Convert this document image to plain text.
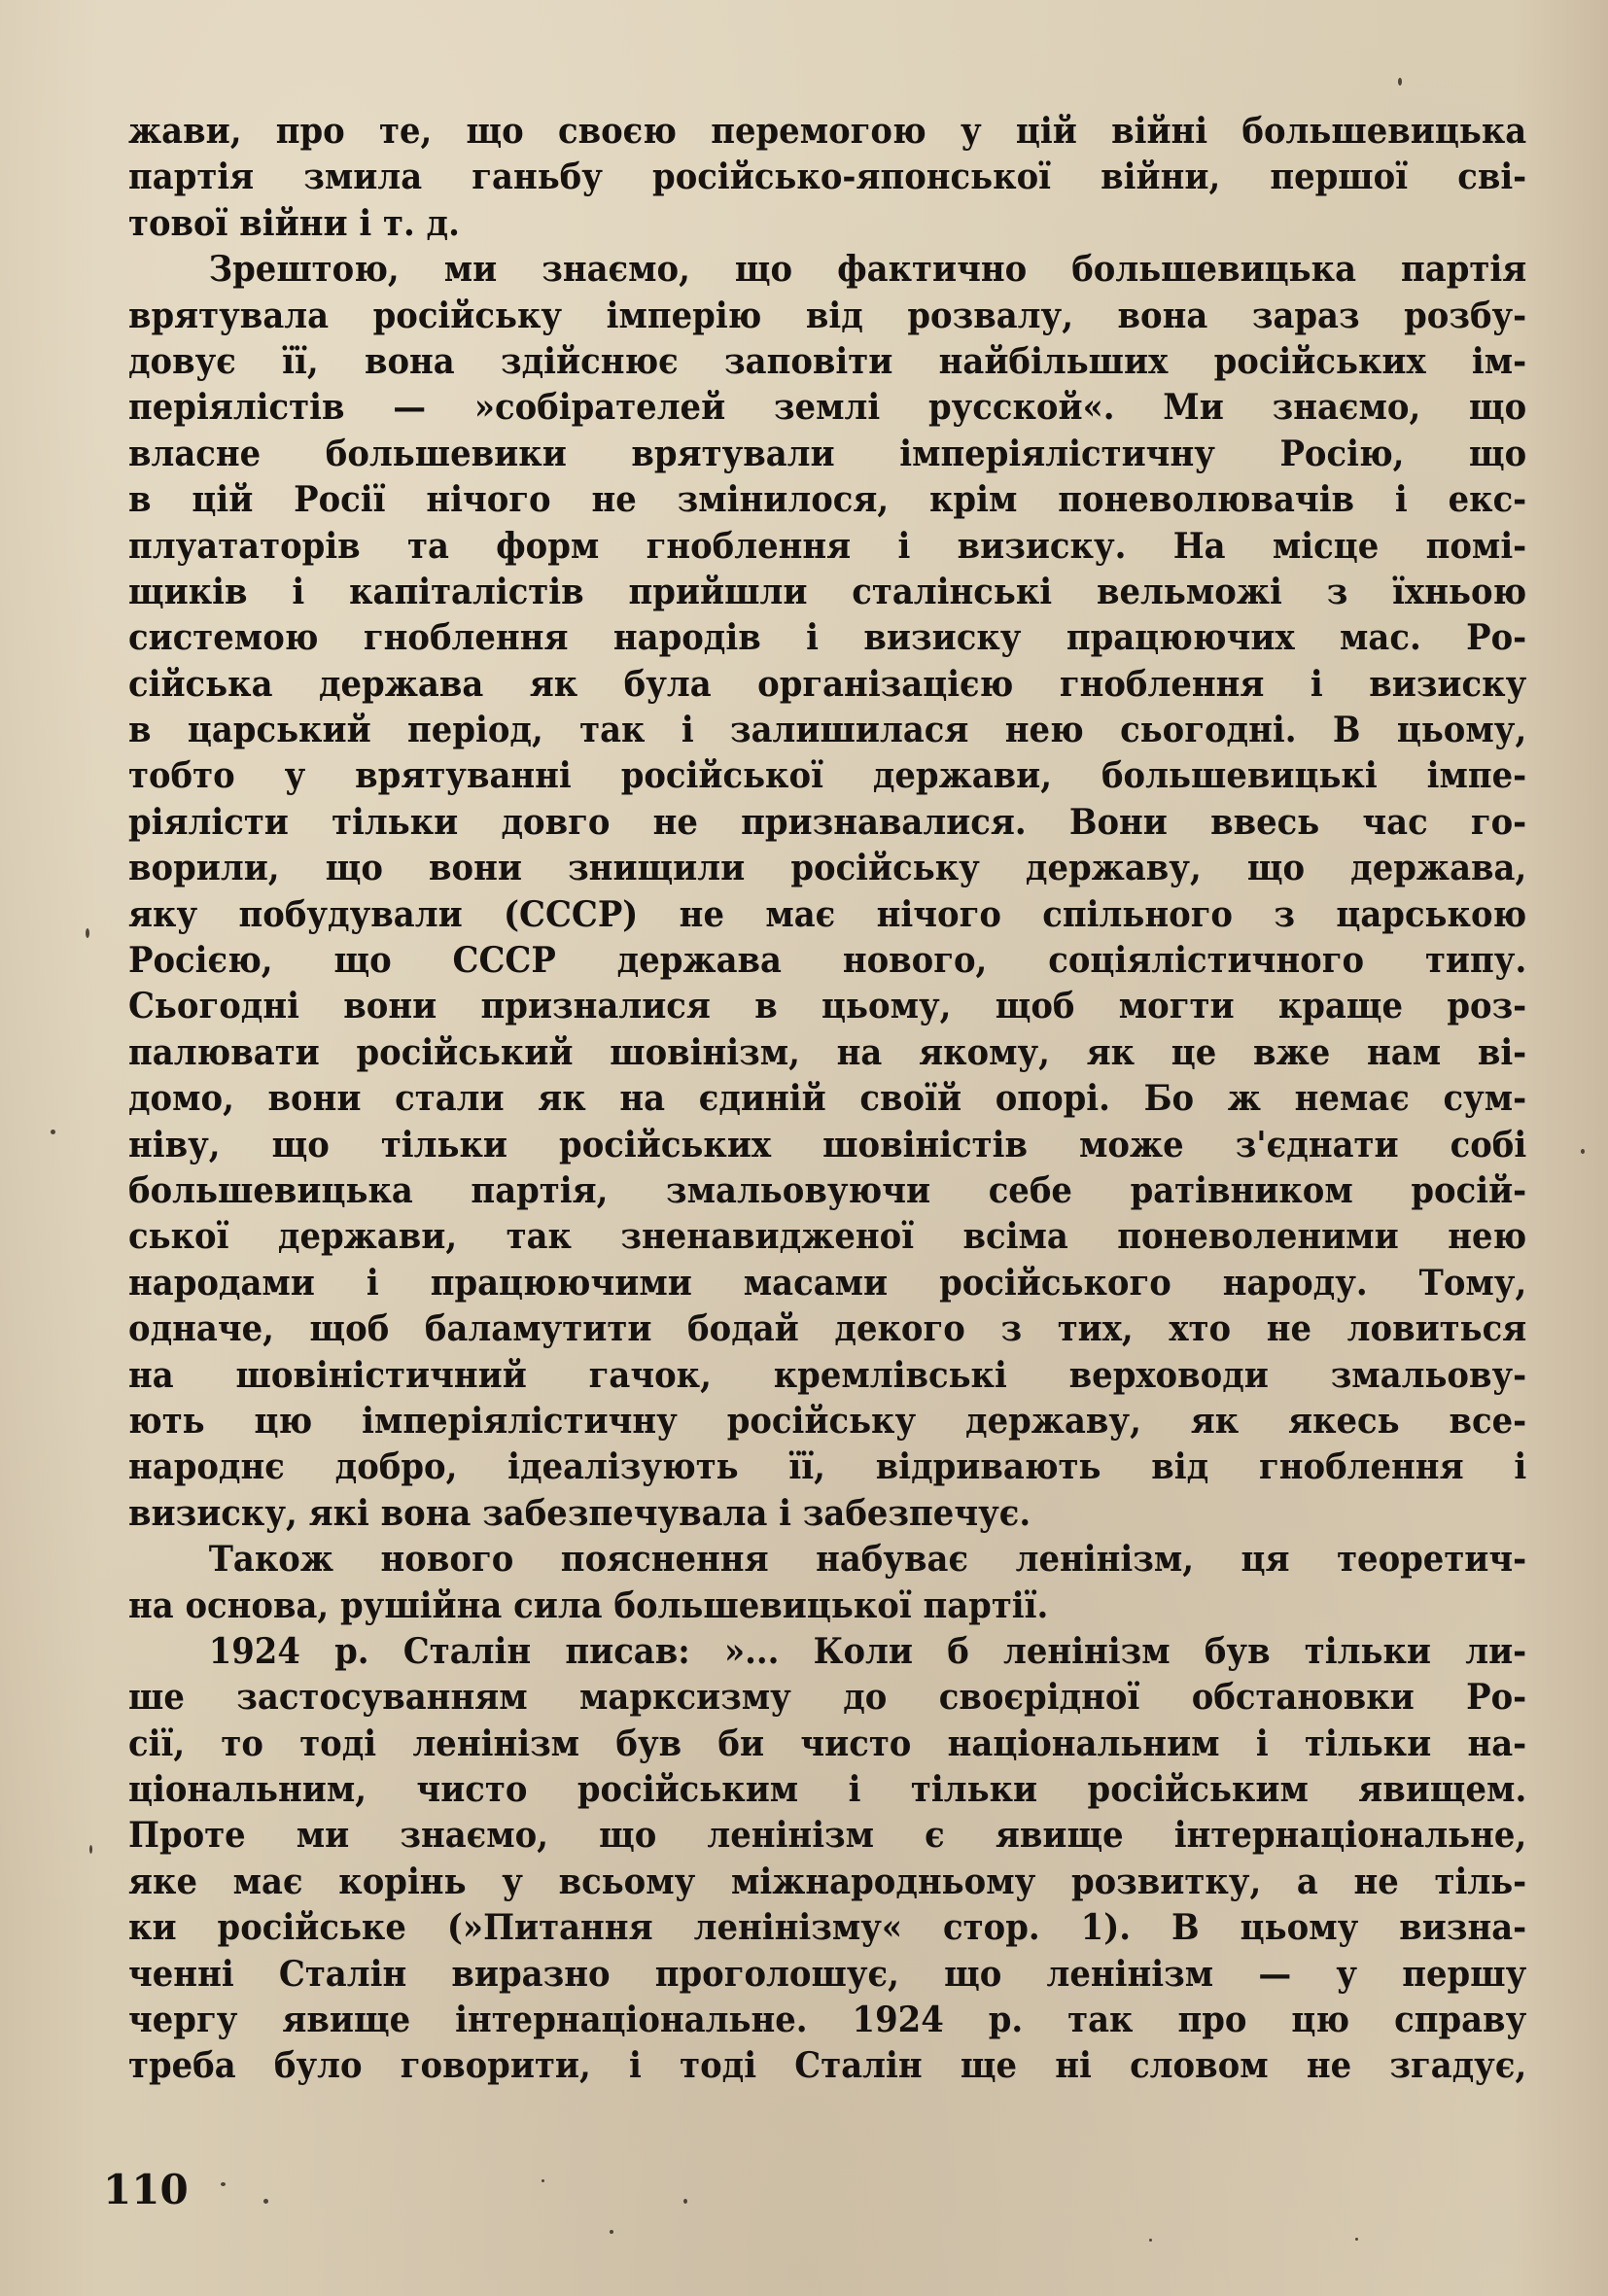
жави, про те, що своєю перемогою у цій війні большевицька
партія змила ганьбу російсько-японської війни, першої сві-
тової війни і т. д.
Зрештою, ми знаємо, що фактично большевицька партія
врятувала російську імперію від розвалу, вона зараз розбу-
довує її, вона здійснює заповіти найбільших російських ім-
періялістів — »собірателей землі русской«. Ми знаємо, що
власне большевики врятували імперіялістичну Росію, що
в цій Росії нічого не змінилося, крім поневолювачів і екс-
плуататорів та форм гноблення і визиску. На місце помі-
щиків і капіталістів прийшли сталінські вельможі з їхньою
системою гноблення народів і визиску працюючих мас. Ро-
сійська держава як була організацією гноблення і визиску
в царський період, так і залишилася нею сьогодні. В цьому,
тобто у врятуванні російської держави, большевицькі імпе-
ріялісти тільки довго не признавалися. Вони ввесь час го-
ворили, що вони знищили російську державу, що держава,
яку побудували (СССР) не має нічого спільного з царською
Росією, що СССР держава нового, соціялістичного типу.
Сьогодні вони призналися в цьому, щоб могти краще роз-
палювати російський шовінізм, на якому, як це вже нам ві-
домо, вони стали як на єдиній своїй опорі. Бо ж немає сум-
ніву, що тільки російських шовіністів може з'єднати собі
большевицька партія, змальовуючи себе ратівником росій-
ської держави, так зненавидженої всіма поневоленими нею
народами і працюючими масами російського народу. Тому,
одначе, щоб баламутити бодай декого з тих, хто не ловиться
на шовіністичний гачок, кремлівські верховоди змальову-
ють цю імперіялістичну російську державу, як якесь все-
народнє добро, ідеалізують її, відривають від гноблення і
визиску, які вона забезпечувала і забезпечує.
Також нового пояснення набуває ленінізм, ця теоретич-
на основа, рушійна сила большевицької партії.
1924 р. Сталін писав: »... Коли б ленінізм був тільки ли-
ше застосуванням марксизму до своєрідної обстановки Ро-
сії, то тоді ленінізм був би чисто національним і тільки на-
ціональним, чисто російським і тільки російським явищем.
Проте ми знаємо, що ленінізм є явище інтернаціональне,
яке має корінь у всьому міжнародньому розвитку, а не тіль-
ки російське (»Питання ленінізму« стор. 1). В цьому визна-
ченні Сталін виразно проголошує, що ленінізм — у першу
чергу явище інтернаціональне. 1924 р. так про цю справу
треба було говорити, і тоді Сталін ще ні словом не згадує,
110
